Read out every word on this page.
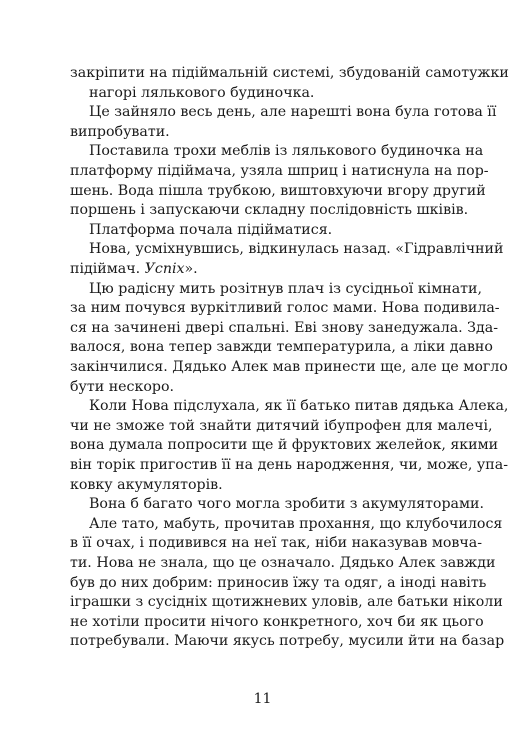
закріпити на підіймальній системі, збудованій самотужки
нагорі лялькового будиночка.
Це зайняло весь день, але нарешті вона була готова її
випробувати.
Поставила трохи меблів із лялькового будиночка на
платформу підіймача, узяла шприц і натиснула на пор-
шень. Вода пішла трубкою, виштовхуючи вгору другий
поршень і запускаючи складну послідовність шківів.
Платформа почала підійматися.
Нова, усміхнувшись, відкинулась назад. «Гідравлічний
підіймач. Успіх».
Цю радісну мить розітнув плач із сусідньої кімнати,
за ним почувся вуркітливий голос мами. Нова подивила-
ся на зачинені двері спальні. Еві знову занедужала. Зда-
валося, вона тепер завжди температурила, а ліки давно
закінчилися. Дядько Алек мав принести ще, але це могло
бути нескоро.
Коли Нова підслухала, як її батько питав дядька Алека,
чи не зможе той знайти дитячий ібупрофен для малечі,
вона думала попросити ще й фруктових желейок, якими
він торік пригостив її на день народження, чи, може, упа-
ковку акумуляторів.
Вона б багато чого могла зробити з акумуляторами.
Але тато, мабуть, прочитав прохання, що клубочилося
в її очах, і подивився на неї так, ніби наказував мовча-
ти. Нова не знала, що це означало. Дядько Алек завжди
був до них добрим: приносив їжу та одяг, а іноді навіть
іграшки з сусідніх щотижневих уловів, але батьки ніколи
не хотіли просити нічого конкретного, хоч би як цього
потребували. Маючи якусь потребу, мусили йти на базар
11
